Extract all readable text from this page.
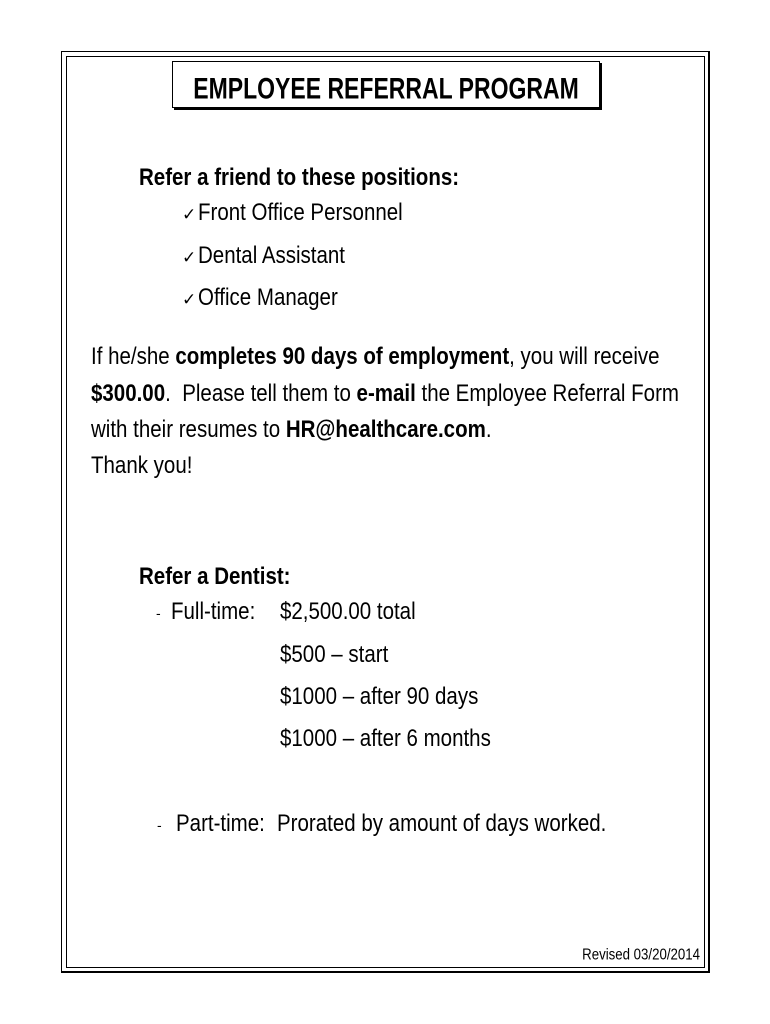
EMPLOYEE REFERRAL PROGRAM
Refer a friend to these positions:
✓
Front Office Personnel
✓
Dental Assistant
✓
Office Manager
If he/she completes 90 days of employment, you will receive
$300.00.  Please tell them to e-mail the Employee Referral Form
with their resumes to HR@healthcare.com.
Thank you!
Refer a Dentist:
- Full-time: $2,500.00 total
$500 – start
$1000 – after 90 days
$1000 – after 6 months
- Part-time: Prorated by amount of days worked.
Revised 03/20/2014
